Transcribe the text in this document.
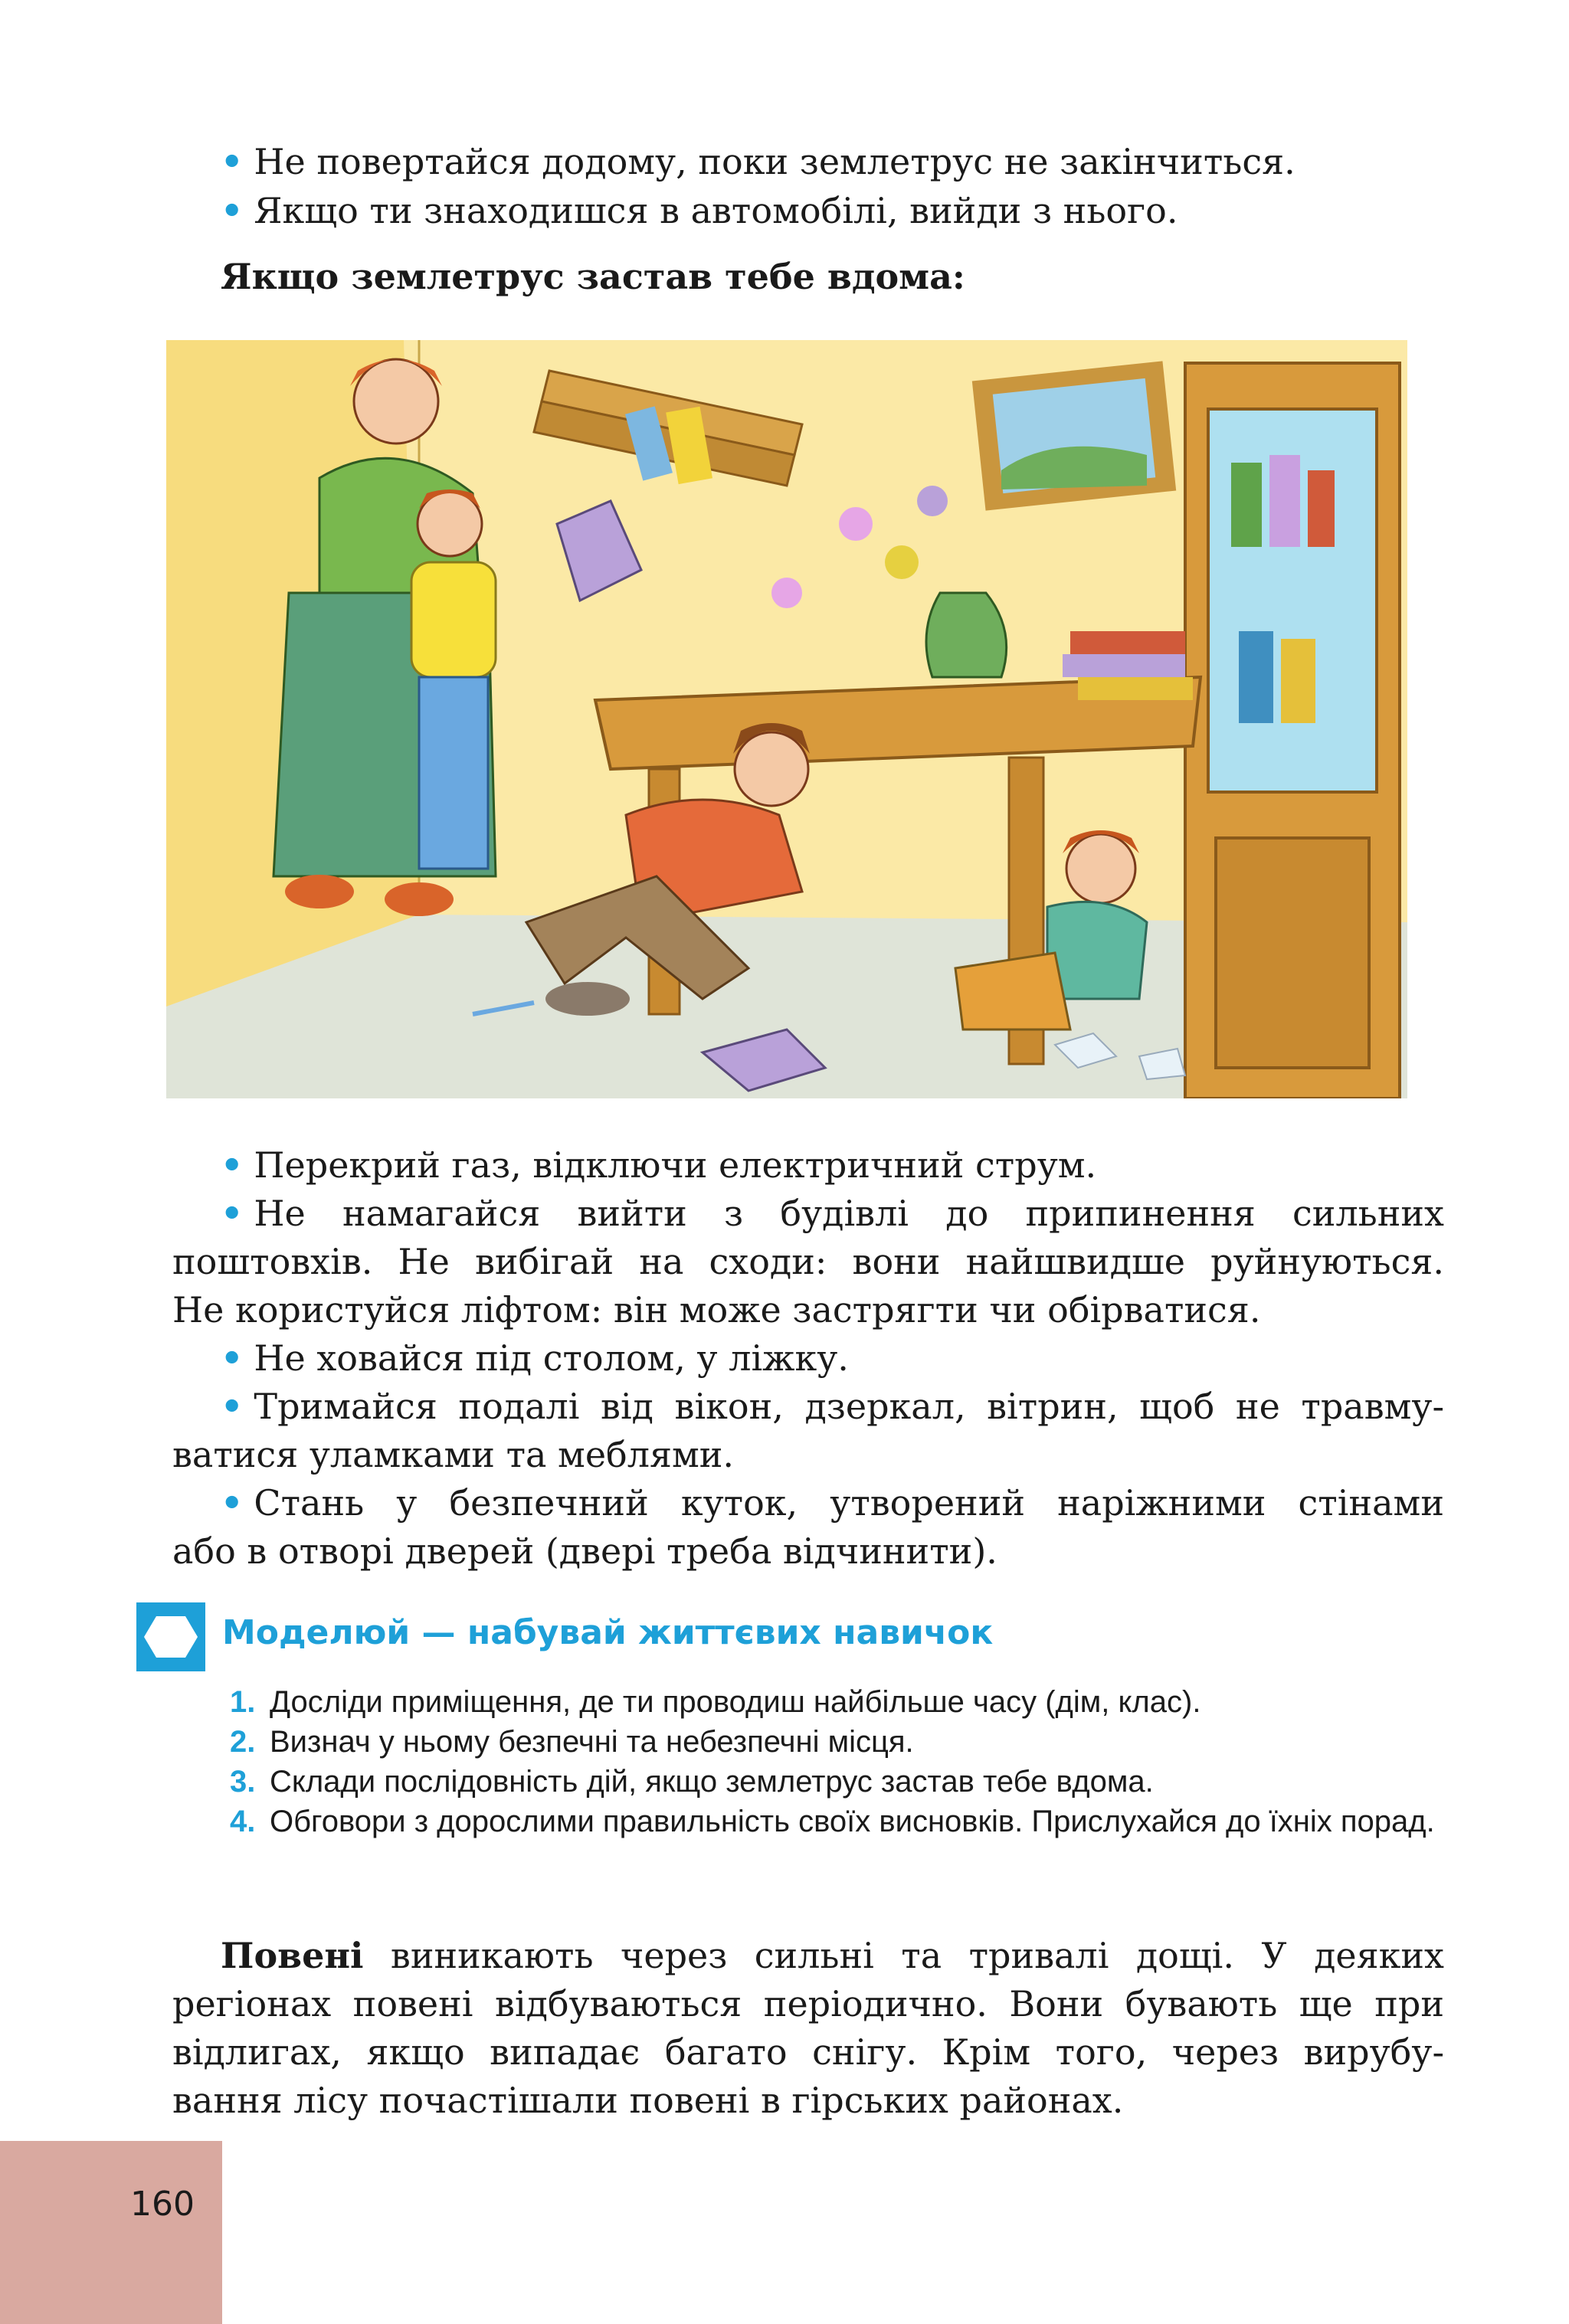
• Не повертайся додому, поки землетрус не закінчиться.

• Якщо ти знаходишся в автомобілі, вийди з нього.

Якщо землетрус застав тебе вдома:

• Перекрий газ, відключи електричний струм.

• Не намагайся вийти з будівлі до припинення сильних

поштовхів. Не вибігай на сходи: вони найшвидше руйнуються.

Не користуйся ліфтом: він може застрягти чи обірватися.

• Не ховайся під столом, у ліжку.

• Тримайся подалі від вікон, дзеркал, вітрин, щоб не травму-

ватися уламками та меблями.

• Стань у безпечний куток, утворений наріжними стінами

або в отворі дверей (двері треба відчинити).

Моделюй — набувай життєвих навичок

1. Досліди приміщення, де ти проводиш найбільше часу (дім, клас).
2. Визнач у ньому безпечні та небезпечні місця.
3. Склади послідовність дій, якщо землетрус застав тебе вдома.
4. Обговори з дорослими правильність своїх висновків. Прислухайся до їхніх порад.

Повені виникають через сильні та тривалі дощі. У деяких

регіонах повені відбуваються періодично. Вони бувають ще при

відлигах, якщо випадає багато снігу. Крім того, через вирубу-

вання лісу почастішали повені в гірських районах.

160
